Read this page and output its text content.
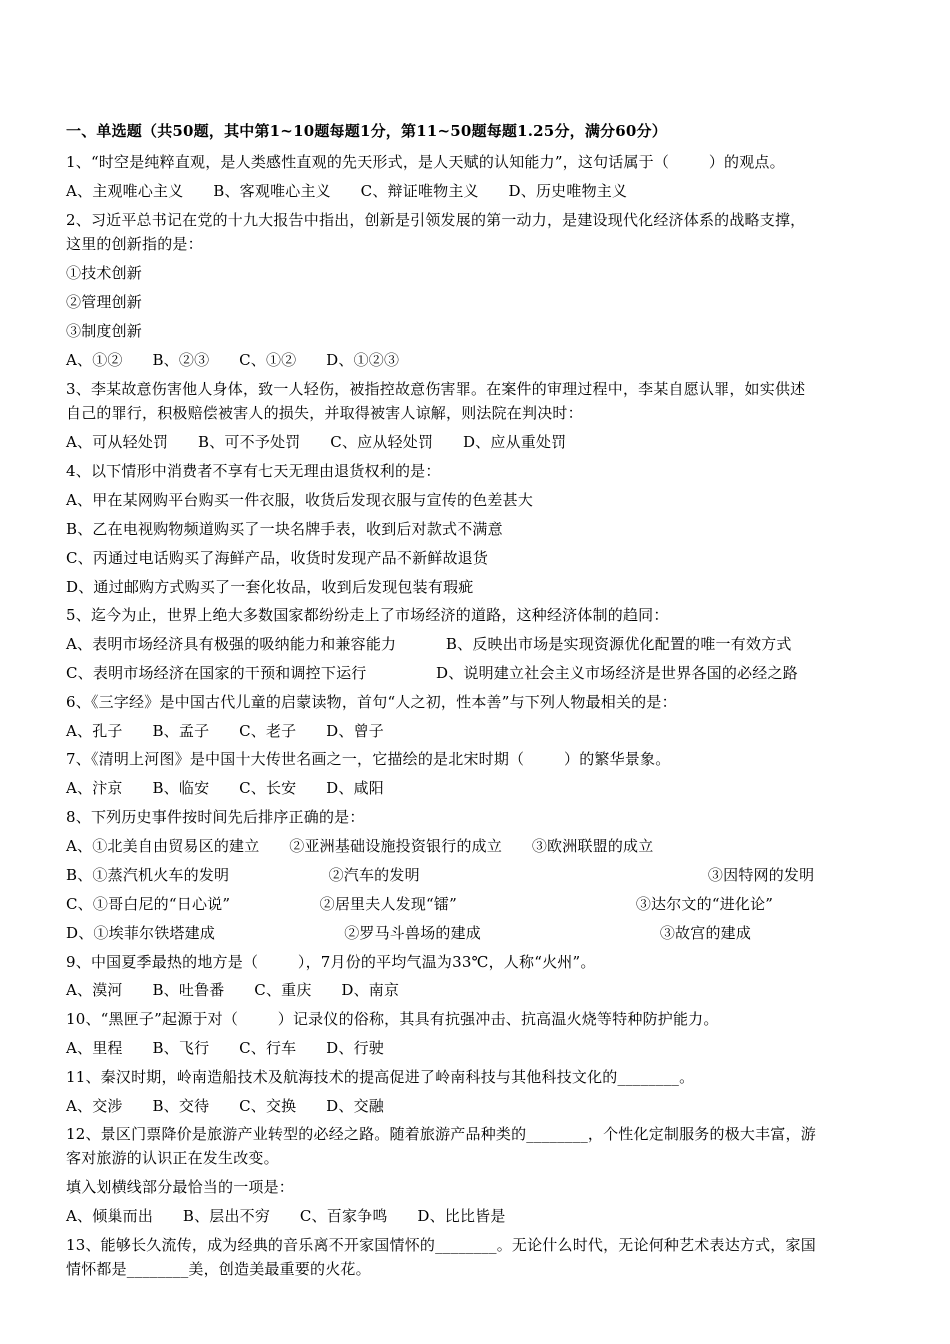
一、单选题（共50题，其中第1~10题每题1分，第11~50题每题1.25分，满分60分）
1、“时空是纯粹直观，是人类感性直观的先天形式，是人天赋的认知能力”，这句话属于（        ）的观点。
A、主观唯心主义      B、客观唯心主义      C、辩证唯物主义      D、历史唯物主义
2、习近平总书记在党的十九大报告中指出，创新是引领发展的第一动力，是建设现代化经济体系的战略支撑，
这里的创新指的是：
①技术创新
②管理创新
③制度创新
A、①②      B、②③      C、①②      D、①②③
3、李某故意伤害他人身体，致一人轻伤，被指控故意伤害罪。在案件的审理过程中，李某自愿认罪，如实供述
自己的罪行，积极赔偿被害人的损失，并取得被害人谅解，则法院在判决时：
A、可从轻处罚      B、可不予处罚      C、应从轻处罚      D、应从重处罚
4、以下情形中消费者不享有七天无理由退货权利的是：
A、甲在某网购平台购买一件衣服，收货后发现衣服与宣传的色差甚大
B、乙在电视购物频道购买了一块名牌手表，收到后对款式不满意
C、丙通过电话购买了海鲜产品，收货时发现产品不新鲜故退货
D、通过邮购方式购买了一套化妆品，收到后发现包装有瑕疵
5、迄今为止，世界上绝大多数国家都纷纷走上了市场经济的道路，这种经济体制的趋同：
A、表明市场经济具有极强的吸纳能力和兼容能力          B、反映出市场是实现资源优化配置的唯一有效方式
C、表明市场经济在国家的干预和调控下运行              D、说明建立社会主义市场经济是世界各国的必经之路
6、《三字经》是中国古代儿童的启蒙读物，首句“人之初，性本善”与下列人物最相关的是：
A、孔子      B、孟子      C、老子      D、曾子
7、《清明上河图》是中国十大传世名画之一，它描绘的是北宋时期（        ）的繁华景象。
A、汴京      B、临安      C、长安      D、咸阳
8、下列历史事件按时间先后排序正确的是：
A、①北美自由贸易区的建立      ②亚洲基础设施投资银行的成立      ③欧洲联盟的成立
B、①蒸汽机火车的发明                    ②汽车的发明                                                          ③因特网的发明
C、①哥白尼的“日心说”                  ②居里夫人发现“镭”                                    ③达尔文的“进化论”
D、①埃菲尔铁塔建成                          ②罗马斗兽场的建成                                    ③故宫的建成
9、中国夏季最热的地方是（        ），7月份的平均气温为33℃，人称“火州”。
A、漠河      B、吐鲁番      C、重庆      D、南京
10、“黑匣子”起源于对（        ）记录仪的俗称，其具有抗强冲击、抗高温火烧等特种防护能力。
A、里程      B、飞行      C、行车      D、行驶
11、秦汉时期，岭南造船技术及航海技术的提高促进了岭南科技与其他科技文化的________。
A、交涉      B、交待      C、交换      D、交融
12、景区门票降价是旅游产业转型的必经之路。随着旅游产品种类的________，个性化定制服务的极大丰富，游
客对旅游的认识正在发生改变。
填入划横线部分最恰当的一项是：
A、倾巢而出      B、层出不穷      C、百家争鸣      D、比比皆是
13、能够长久流传，成为经典的音乐离不开家国情怀的________。无论什么时代，无论何种艺术表达方式，家国
情怀都是________美，创造美最重要的火花。
